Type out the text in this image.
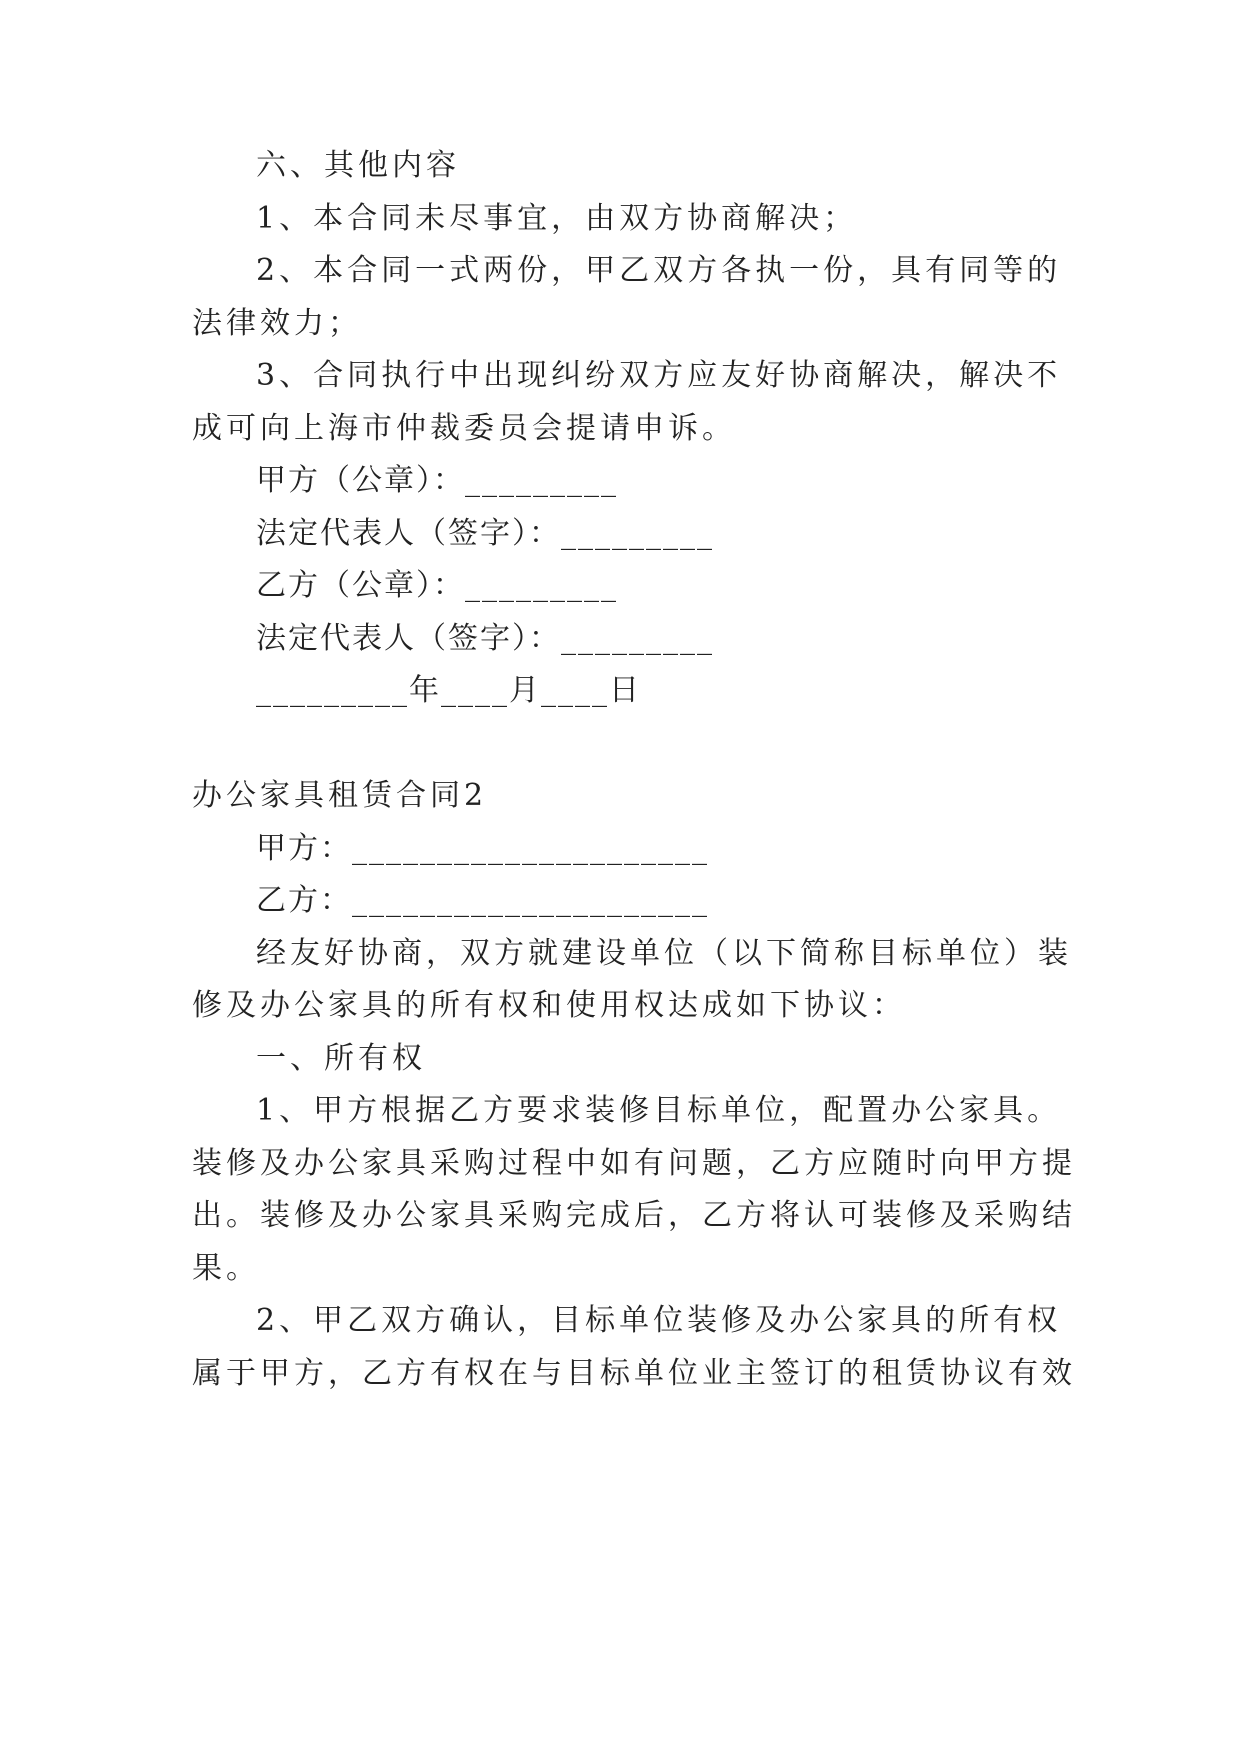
六、其他内容
1、本合同未尽事宜，由双方协商解决；
2、本合同一式两份，甲乙双方各执一份，具有同等的
法律效力；
3、合同执行中出现纠纷双方应友好协商解决，解决不
成可向上海市仲裁委员会提请申诉。
甲方（公章）：_________
法定代表人（签字）：_________
乙方（公章）：_________
法定代表人（签字）：_________
_________年____月____日
办公家具租赁合同2
甲方：_____________________
乙方：_____________________
经友好协商，双方就建设单位（以下简称目标单位）装
修及办公家具的所有权和使用权达成如下协议：
一、所有权
1、甲方根据乙方要求装修目标单位，配置办公家具。
装修及办公家具采购过程中如有问题，乙方应随时向甲方提
出。装修及办公家具采购完成后，乙方将认可装修及采购结
果。
2、甲乙双方确认，目标单位装修及办公家具的所有权
属于甲方，乙方有权在与目标单位业主签订的租赁协议有效
